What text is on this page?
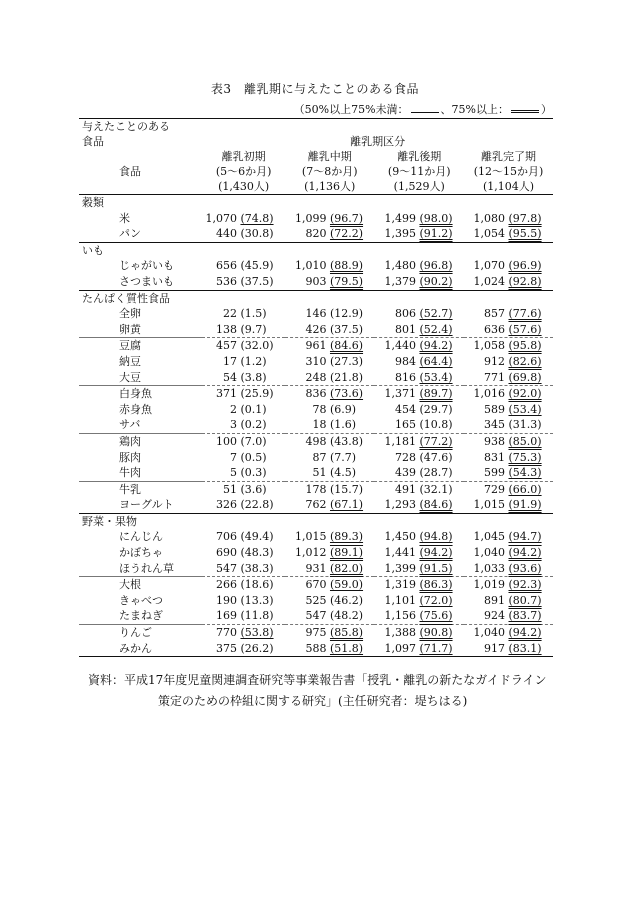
表3　離乳期に与えたことのある食品
（50%以上75%未満：	、75%以上：	）
与えたことのある				
食品	離乳期区分			
	離乳初期	離乳中期	離乳後期	離乳完了期
食品	(5～6か月)	(7～8か月)	(9～11か月)	(12～15か月)
	(1,430人)	(1,136人)	(1,529人)	(1,104人)
穀類				
米	1,070 (74.8)	1,099 (96.7)	1,499 (98.0)	1,080 (97.8)
パン	440 (30.8)	820 (72.2)	1,395 (91.2)	1,054 (95.5)
いも				
じゃがいも	656 (45.9)	1,010 (88.9)	1,480 (96.8)	1,070 (96.9)
さつまいも	536 (37.5)	903 (79.5)	1,379 (90.2)	1,024 (92.8)
たんぱく質性食品				
全卵	22 (1.5)	146 (12.9)	806 (52.7)	857 (77.6)
卵黄	138 (9.7)	426 (37.5)	801 (52.4)	636 (57.6)
豆腐	457 (32.0)	961 (84.6)	1,440 (94.2)	1,058 (95.8)
納豆	17 (1.2)	310 (27.3)	984 (64.4)	912 (82.6)
大豆	54 (3.8)	248 (21.8)	816 (53.4)	771 (69.8)
白身魚	371 (25.9)	836 (73.6)	1,371 (89.7)	1,016 (92.0)
赤身魚	2 (0.1)	78 (6.9)	454 (29.7)	589 (53.4)
サバ	3 (0.2)	18 (1.6)	165 (10.8)	345 (31.3)
鶏肉	100 (7.0)	498 (43.8)	1,181 (77.2)	938 (85.0)
豚肉	7 (0.5)	87 (7.7)	728 (47.6)	831 (75.3)
牛肉	5 (0.3)	51 (4.5)	439 (28.7)	599 (54.3)
牛乳	51 (3.6)	178 (15.7)	491 (32.1)	729 (66.0)
ヨーグルト	326 (22.8)	762 (67.1)	1,293 (84.6)	1,015 (91.9)
野菜・果物				
にんじん	706 (49.4)	1,015 (89.3)	1,450 (94.8)	1,045 (94.7)
かぼちゃ	690 (48.3)	1,012 (89.1)	1,441 (94.2)	1,040 (94.2)
ほうれん草	547 (38.3)	931 (82.0)	1,399 (91.5)	1,033 (93.6)
大根	266 (18.6)	670 (59.0)	1,319 (86.3)	1,019 (92.3)
きゃべつ	190 (13.3)	525 (46.2)	1,101 (72.0)	891 (80.7)
たまねぎ	169 (11.8)	547 (48.2)	1,156 (75.6)	924 (83.7)
りんご	770 (53.8)	975 (85.8)	1,388 (90.8)	1,040 (94.2)
みかん	375 (26.2)	588 (51.8)	1,097 (71.7)	917 (83.1)
資料：平成17年度児童関連調査研究等事業報告書「授乳・離乳の新たなガイドライン
策定のための枠組に関する研究」(主任研究者：堤ちはる)
